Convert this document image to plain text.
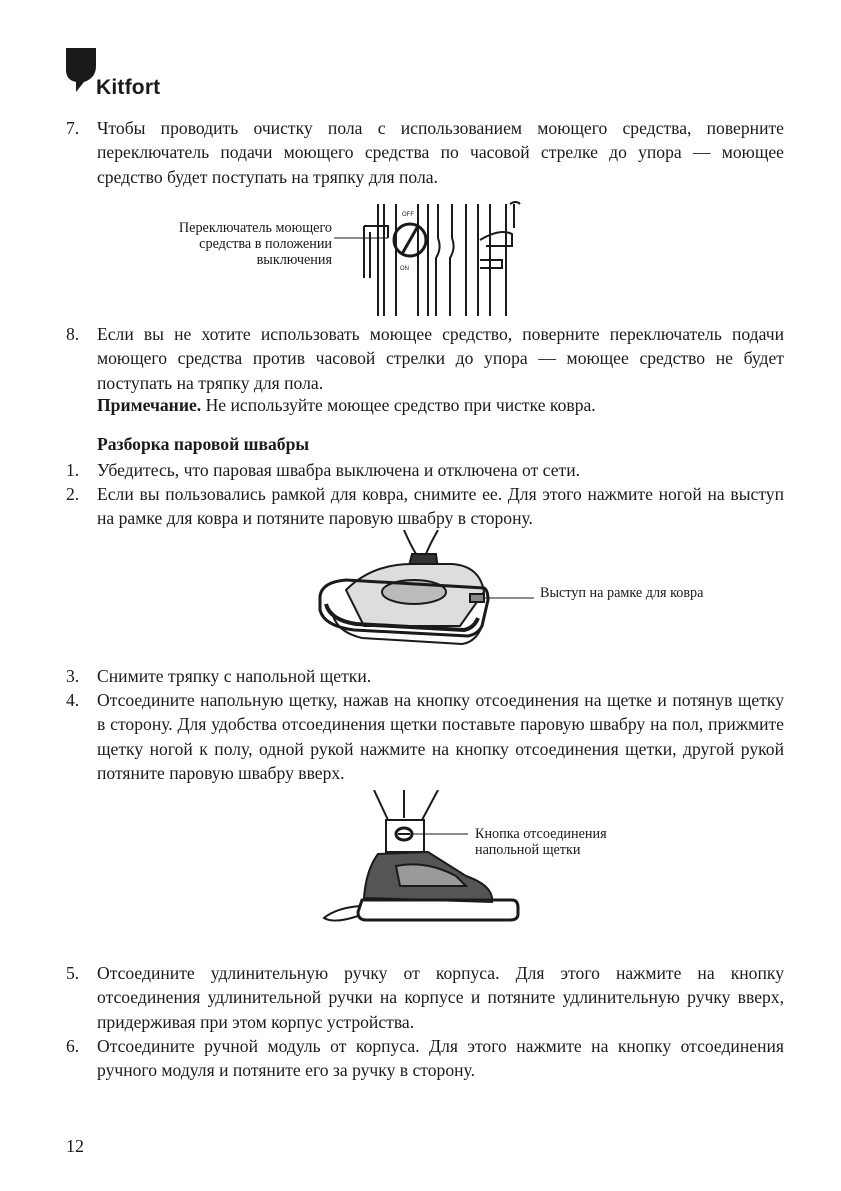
Kitfort
7.	Чтобы проводить очистку пола с использованием моющего средства, поверните переключатель подачи моющего средства по часовой стрелке до упора — моющее средство будет поступать на тряпку для пола.
Переключатель моющего
средства в положении
выключения
OFF
ON
8.	Если вы не хотите использовать моющее средство, поверните переключатель подачи моющего средства против часовой стрелки до упора — моющее средство не будет поступать на тряпку для пола.
Примечание. Не используйте моющее средство при чистке ковра.
Разборка паровой швабры
1.	Убедитесь, что паровая швабра выключена и отключена от сети.
2.	Если вы пользовались рамкой для ковра, снимите ее. Для этого нажмите ногой на выступ на рамке для ковра и потяните паровую швабру в сторону.
Выступ на рамке для ковра
3.	Снимите тряпку с напольной щетки.
4.	Отсоедините напольную щетку, нажав на кнопку отсоединения на щетке и потянув щетку в сторону. Для удобства отсоединения щетки поставьте паровую швабру на пол, прижмите щетку ногой к полу, одной рукой нажмите на кнопку отсоединения щетки, другой рукой потяните паровую швабру вверх.
Кнопка отсоединения
напольной щетки
5.	Отсоедините удлинительную ручку от корпуса. Для этого нажмите на кнопку отсоединения удлинительной ручки на корпусе и потяните удлинительную ручку вверх, придерживая при этом корпус устройства.
6.	Отсоедините ручной модуль от корпуса. Для этого нажмите на кнопку отсоединения ручного модуля и потяните его за ручку в сторону.
12
